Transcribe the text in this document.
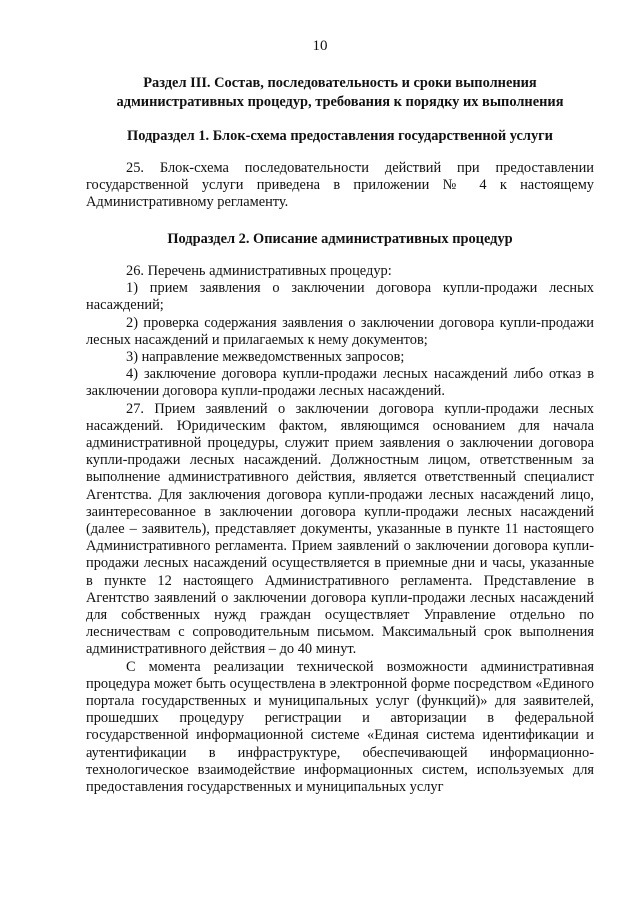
10
Раздел III. Состав, последовательность и сроки выполнения
административных процедур, требования к порядку их выполнения
Подраздел 1. Блок-схема предоставления государственной услуги

25. Блок-схема последовательности действий при предоставлении государственной услуги приведена в приложении № 4 к настоящему Административному регламенту.

Подраздел 2. Описание административных процедур

26. Перечень административных процедур:

1) прием заявления о заключении договора купли-продажи лесных насаждений;

2) проверка содержания заявления о заключении договора купли-продажи лесных насаждений и прилагаемых к нему документов;

3) направление межведомственных запросов;

4) заключение договора купли-продажи лесных насаждений либо отказ в заключении договора купли-продажи лесных насаждений.

27. Прием заявлений о заключении договора купли-продажи лесных насаждений. Юридическим фактом, являющимся основанием для начала административной процедуры, служит прием заявления о заключении договора купли-продажи лесных насаждений. Должностным лицом, ответственным за выполнение административного действия, является ответственный специалист Агентства. Для заключения договора купли-продажи лесных насаждений лицо, заинтересованное в заключении договора купли-продажи лесных насаждений (далее – заявитель), представляет документы, указанные в пункте 11 настоящего Административного регламента. Прием заявлений о заключении договора купли-продажи лесных насаждений осуществляется в приемные дни и часы, указанные в пункте 12 настоящего Административного регламента. Представление в Агентство заявлений о заключении договора купли-продажи лесных насаждений для собственных нужд граждан осуществляет Управление отдельно по лесничествам с сопроводительным письмом. Максимальный срок выполнения административного действия – до 40 минут.

С момента реализации технической возможности административная процедура может быть осуществлена в электронной форме посредством «Единого портала государственных и муниципальных услуг (функций)» для заявителей, прошедших процедуру регистрации и авторизации в федеральной государственной информационной системе «Единая система идентификации и аутентификации в инфраструктуре, обеспечивающей информационно-технологическое взаимодействие информационных систем, используемых для предоставления государственных и муниципальных услуг
